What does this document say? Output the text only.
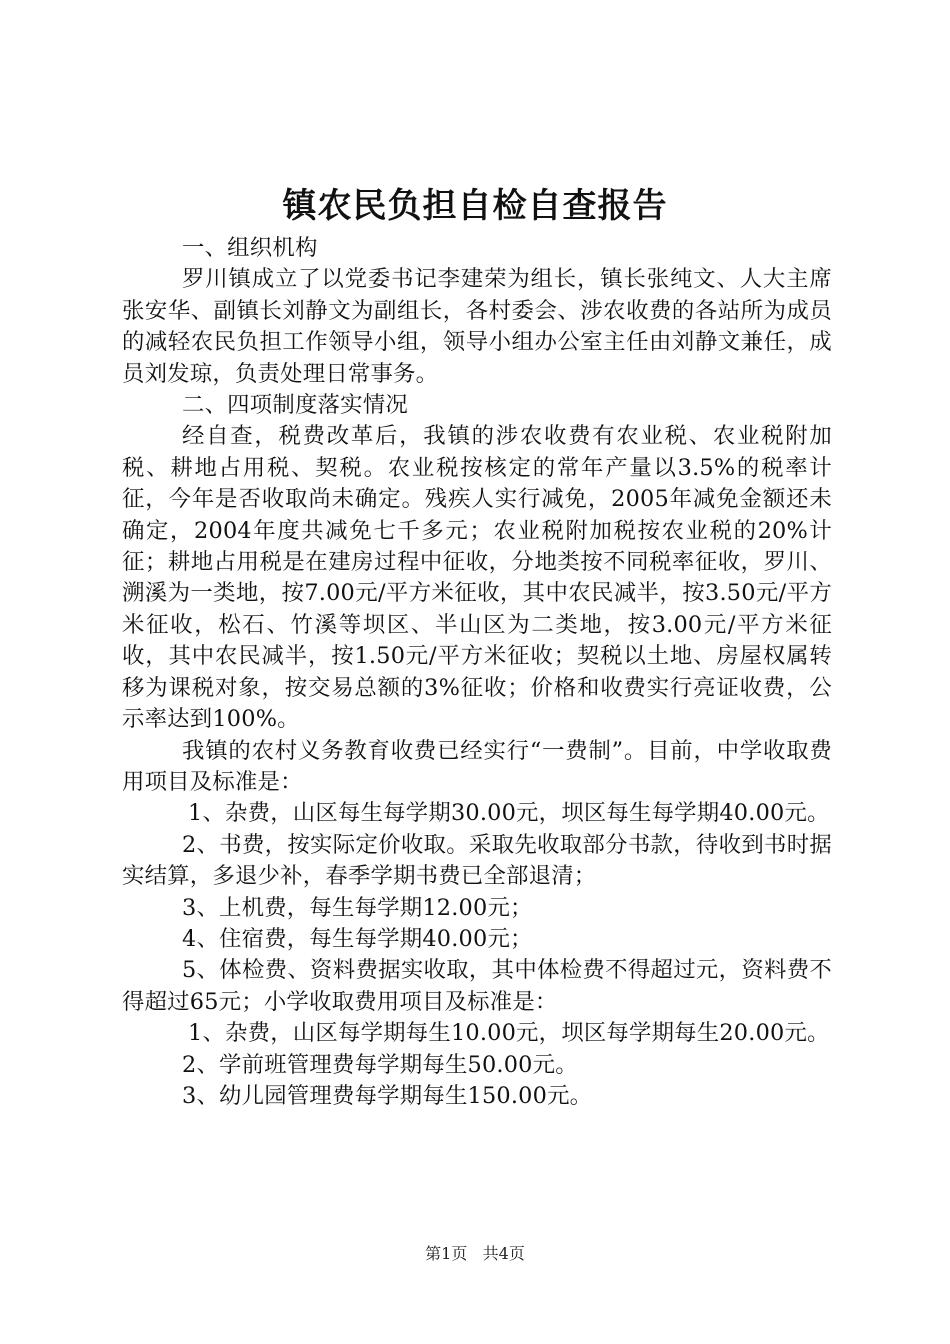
镇农民负担自检自查报告

一、组织机构

罗川镇成立了以党委书记李建荣为组长，镇长张纯文、人大主席张安华、副镇长刘静文为副组长，各村委会、涉农收费的各站所为成员的减轻农民负担工作领导小组，领导小组办公室主任由刘静文兼任，成员刘发琼，负责处理日常事务。

二、四项制度落实情况

经自查，税费改革后，我镇的涉农收费有农业税、农业税附加税、耕地占用税、契税。农业税按核定的常年产量以3.5%的税率计征，今年是否收取尚未确定。残疾人实行减免，2005年减免金额还未确定，2004年度共减免七千多元；农业税附加税按农业税的20%计征；耕地占用税是在建房过程中征收，分地类按不同税率征收，罗川、溯溪为一类地，按7.00元/平方米征收，其中农民减半，按3.50元/平方米征收，松石、竹溪等坝区、半山区为二类地，按3.00元/平方米征收，其中农民减半，按1.50元/平方米征收；契税以土地、房屋权属转移为课税对象，按交易总额的3%征收；价格和收费实行亮证收费，公示率达到100%。

我镇的农村义务教育收费已经实行“一费制”。目前，中学收取费用项目及标准是：

1、杂费，山区每生每学期30.00元，坝区每生每学期40.00元。

2、书费，按实际定价收取。采取先收取部分书款，待收到书时据实结算，多退少补，春季学期书费已全部退清；

3、上机费，每生每学期12.00元；

4、住宿费，每生每学期40.00元；

5、体检费、资料费据实收取，其中体检费不得超过元，资料费不得超过65元；小学收取费用项目及标准是：

1、杂费，山区每学期每生10.00元，坝区每学期每生20.00元。

2、学前班管理费每学期每生50.00元。

3、幼儿园管理费每学期每生150.00元。

第1页 共4页
